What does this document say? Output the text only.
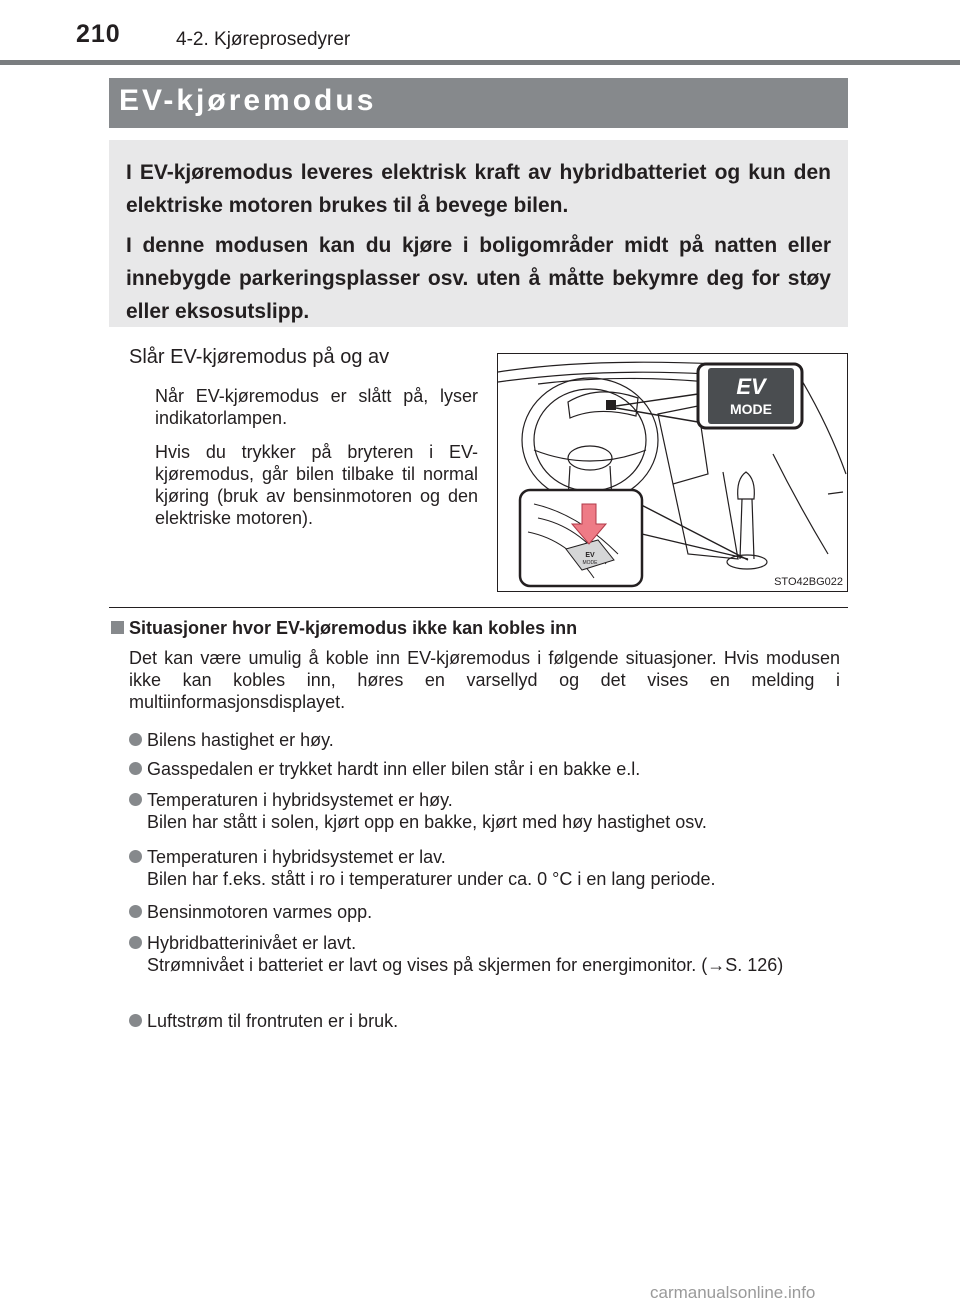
210	4-2. Kjøreprosedyrer
EV-kjøremodus

I EV-kjøremodus leveres elektrisk kraft av hybridbatteriet og kun den elektriske motoren brukes til å bevege bilen.

I denne modusen kan du kjøre i boligområder midt på natten eller innebygde parkeringsplasser osv. uten å måtte bekymre deg for støy eller eksosutslipp.

Slår EV-kjøremodus på og av
Når EV-kjøremodus er slått på, lyser indikatorlampen.
Hvis du trykker på bryteren i EV-kjøremodus, går bilen tilbake til normal kjøring (bruk av bensinmotoren og den elektriske motoren).
EV
MODE
EV
MODE
STO42BG022
Situasjoner hvor EV-kjøremodus ikke kan kobles inn
Det kan være umulig å koble inn EV-kjøremodus i følgende situasjoner. Hvis modusen ikke kan kobles inn, høres en varsellyd og det vises en melding i multiinformasjonsdisplayet.
Bilens hastighet er høy.
Gasspedalen er trykket hardt inn eller bilen står i en bakke e.l.
Temperaturen i hybridsystemet er høy.
Bilen har stått i solen, kjørt opp en bakke, kjørt med høy hastighet osv.
Temperaturen i hybridsystemet er lav.
Bilen har f.eks. stått i ro i temperaturer under ca. 0 °C i en lang periode.
Bensinmotoren varmes opp.
Hybridbatterinivået er lavt.
Strømnivået i batteriet er lavt og vises på skjermen for energimonitor. (→S. 126)
Luftstrøm til frontruten er i bruk.
carmanualsonline.info
